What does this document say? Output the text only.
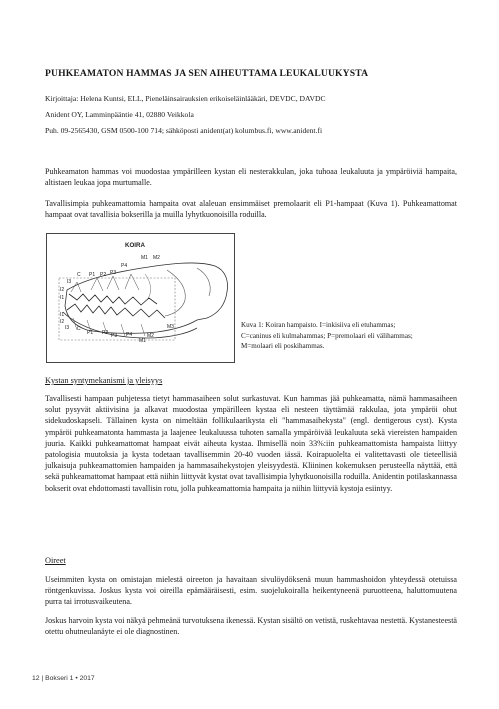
PUHKEAMATON HAMMAS JA SEN AIHEUTTAMA LEUKALUUKYSTA
Kirjoittaja: Helena Kuntsi, ELL, Pieneläinsairauksien erikoiseläinlääkäri, DEVDC, DAVDC
Anident OY, Lamminpääntie 41, 02880 Veikkola
Puh. 09-2565430, GSM 0500-100 714; sähköposti anident(at) kolumbus.fi, www.anident.fi

Puhkeamaton hammas voi muodostaa ympärilleen kystan eli nesterakkulan, joka tuhoaa leukaluuta ja ympäröiviä hampaita, altistaen leukaa jopa murtumalle.

Tavallisimpia puhkeamattomia hampaita ovat alaleuan ensimmäiset premolaarit eli P1-hampaat (Kuva 1). Puhkeamattomat hampaat ovat tavallisia bokserilla ja muilla lyhytkuonoisilla roduilla.

KOIRA
I1
I2
I3
C P1 P2 P3
P4
M1 M2
I1
I2
I3 C
P1 P2 P3 P4
M1
M2
M3	Kuva 1: Koiran hampaisto. I=inkisiiva eli etuhammas;
C=caninus eli kulmahammas; P=premolaari eli välihammas;
M=molaari eli poskihammas.
Kystan syntymekanismi ja yleisyys

Tavallisesti hampaan puhjetessa tietyt hammasaiheen solut surkastuvat. Kun hammas jää puhkeamatta, nämä hammasaiheen solut pysyvät aktiivisina ja alkavat muodostaa ympärilleen kystaa eli nesteen täyttämää rakkulaa, jota ympäröi ohut sidekudoskapseli. Tällainen kysta on nimeltään follikulaarikysta eli "hammasaihekysta" (engl. dentigerous cyst). Kysta ympäröi puhkeamatonta hammasta ja laajenee leukaluussa tuhoten samalla ympäröivää leukaluuta sekä viereisten hampaiden juuria. Kaikki puhkeamattomat hampaat eivät aiheuta kystaa. Ihmisellä noin 33%:iin puhkeamattomista hampaista liittyy patologisia muutoksia ja kysta todetaan tavallisemmin 20-40 vuoden iässä. Koirapuolelta ei valitettavasti ole tieteellisiä julkaisuja puhkeamattomien hampaiden ja hammasaihekystojen yleisyydestä. Kliininen kokemuksen perusteella näyttää, että sekä puhkeamattomat hampaat että niihin liittyvät kystat ovat tavallisimpia lyhytkuonoisilla roduilla. Anidentin potilaskannassa bokserit ovat ehdottomasti tavallisin rotu, jolla puhkeamattomia hampaita ja niihin liittyviä kystoja esiintyy.

Oireet

Useimmiten kysta on omistajan mielestä oireeton ja havaitaan sivulöydöksenä muun hammashoidon yhteydessä otetuissa röntgenkuvissa. Joskus kysta voi oireilla epämääräisesti, esim. suojelukoiralla heikentyneenä puruotteena, haluttomuutena purra tai irrotusvaikeutena.

Joskus harvoin kysta voi näkyä pehmeänä turvotuksena ikenessä. Kystan sisältö on vetistä, ruskehtavaa nestettä. Kystanesteestä otettu ohutneulanäyte ei ole diagnostinen.

12 | Bokseri 1 • 2017
